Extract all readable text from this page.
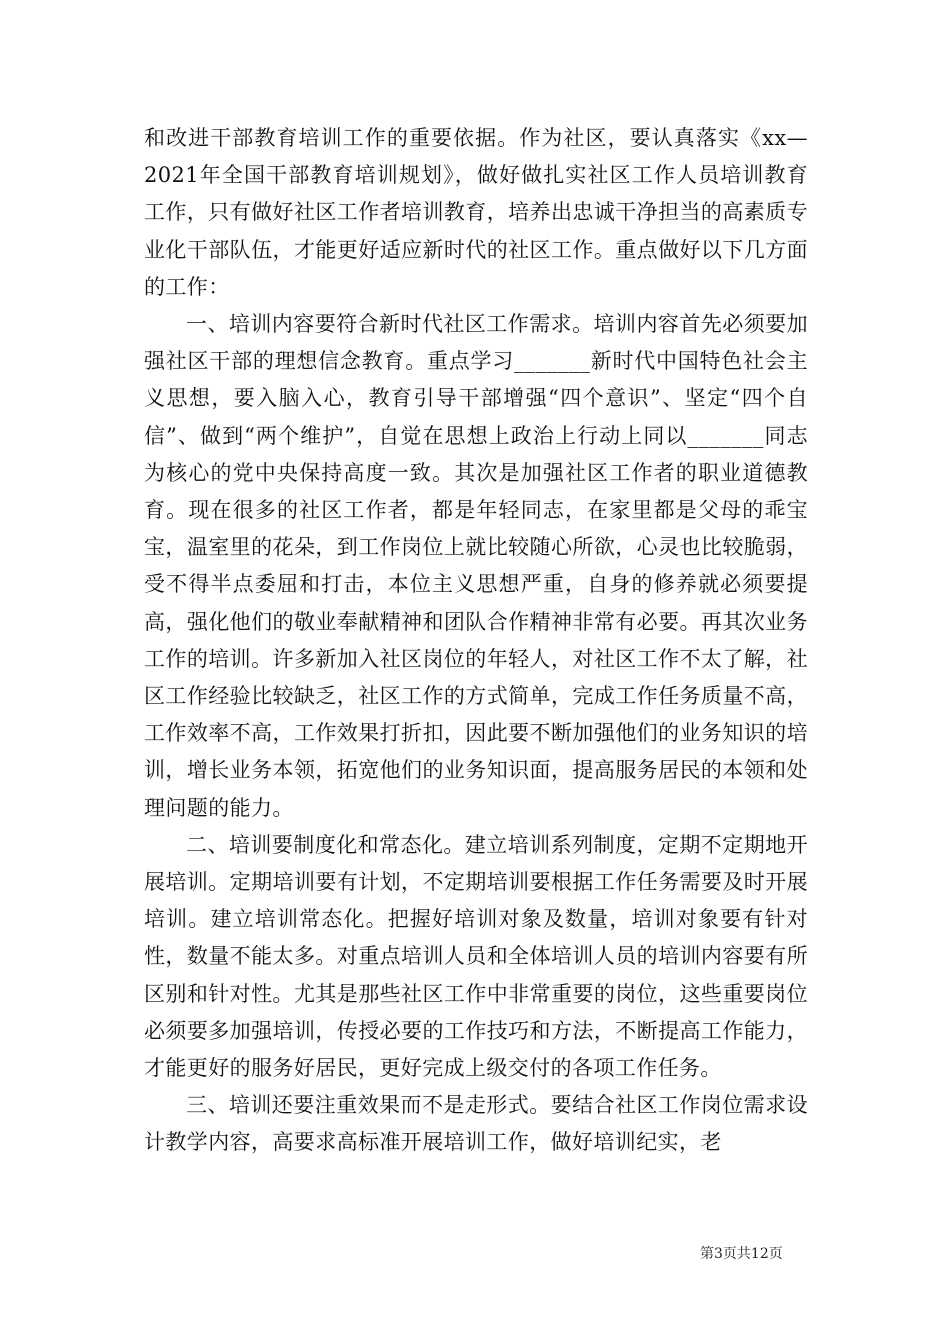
和改进干部教育培训工作的重要依据。作为社区，要认真落实《xx—2021年全国干部教育培训规划》，做好做扎实社区工作人员培训教育工作，只有做好社区工作者培训教育，培养出忠诚干净担当的高素质专业化干部队伍，才能更好适应新时代的社区工作。重点做好以下几方面的工作：

一、培训内容要符合新时代社区工作需求。培训内容首先必须要加强社区干部的理想信念教育。重点学习_______新时代中国特色社会主义思想，要入脑入心，教育引导干部增强“四个意识”、坚定“四个自信”、做到“两个维护”，自觉在思想上政治上行动上同以_______同志为核心的党中央保持高度一致。其次是加强社区工作者的职业道德教育。现在很多的社区工作者，都是年轻同志，在家里都是父母的乖宝宝，温室里的花朵，到工作岗位上就比较随心所欲，心灵也比较脆弱，受不得半点委屈和打击，本位主义思想严重，自身的修养就必须要提高，强化他们的敬业奉献精神和团队合作精神非常有必要。再其次业务工作的培训。许多新加入社区岗位的年轻人，对社区工作不太了解，社区工作经验比较缺乏，社区工作的方式简单，完成工作任务质量不高，工作效率不高，工作效果打折扣，因此要不断加强他们的业务知识的培训，增长业务本领，拓宽他们的业务知识面，提高服务居民的本领和处理问题的能力。

二、培训要制度化和常态化。建立培训系列制度，定期不定期地开展培训。定期培训要有计划，不定期培训要根据工作任务需要及时开展培训。建立培训常态化。把握好培训对象及数量，培训对象要有针对性，数量不能太多。对重点培训人员和全体培训人员的培训内容要有所区别和针对性。尤其是那些社区工作中非常重要的岗位，这些重要岗位必须要多加强培训，传授必要的工作技巧和方法，不断提高工作能力，才能更好的服务好居民，更好完成上级交付的各项工作任务。

三、培训还要注重效果而不是走形式。要结合社区工作岗位需求设计教学内容，高要求高标准开展培训工作，做好培训纪实，老

第3页共12页
